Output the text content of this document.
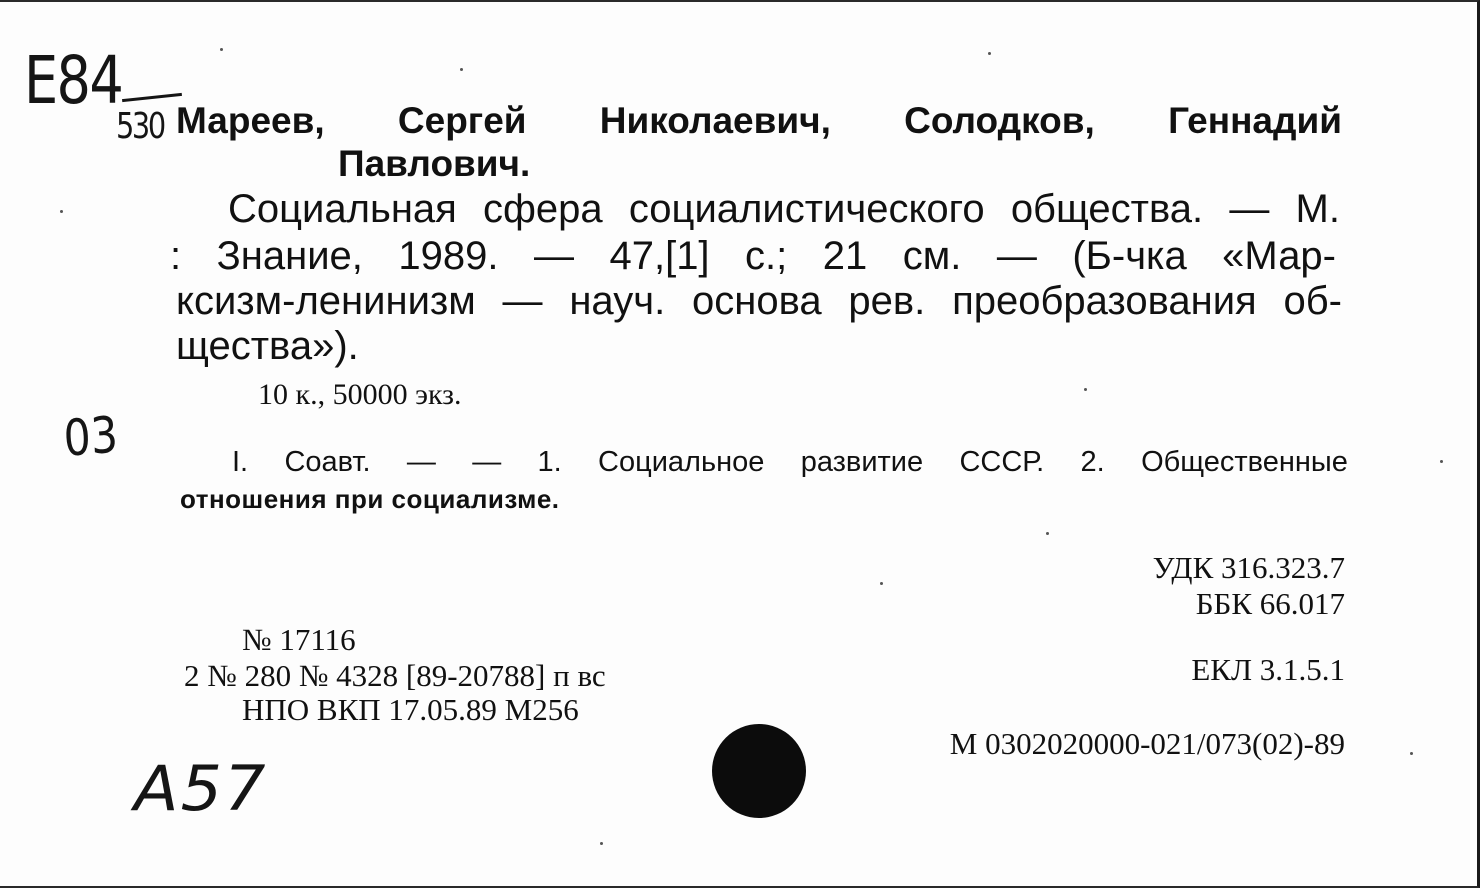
E84
530 Мареев, Сергей Николаевич, Солодков, Геннадий
Павлович.
Социальная сфера социалистического общества. — М.
: Знание, 1989. — 47,[1] с.; 21 см. — (Б-чка «Мар-
ксизм-ленинизм — науч. основа рев. преобразования об-
щества»).
10 к., 50000 экз.
03	I. Соавт. — — 1. Социальное развитие СССР. 2. Общественные
отношения при социализме.
УДК 316.323.7
ББК 66.017
ЕКЛ 3.1.5.1
М 0302020000-021/073(02)-89
№ 17116
2 № 280 № 4328 [89-20788] п вс
НПО ВКП 17.05.89 М256
A57
